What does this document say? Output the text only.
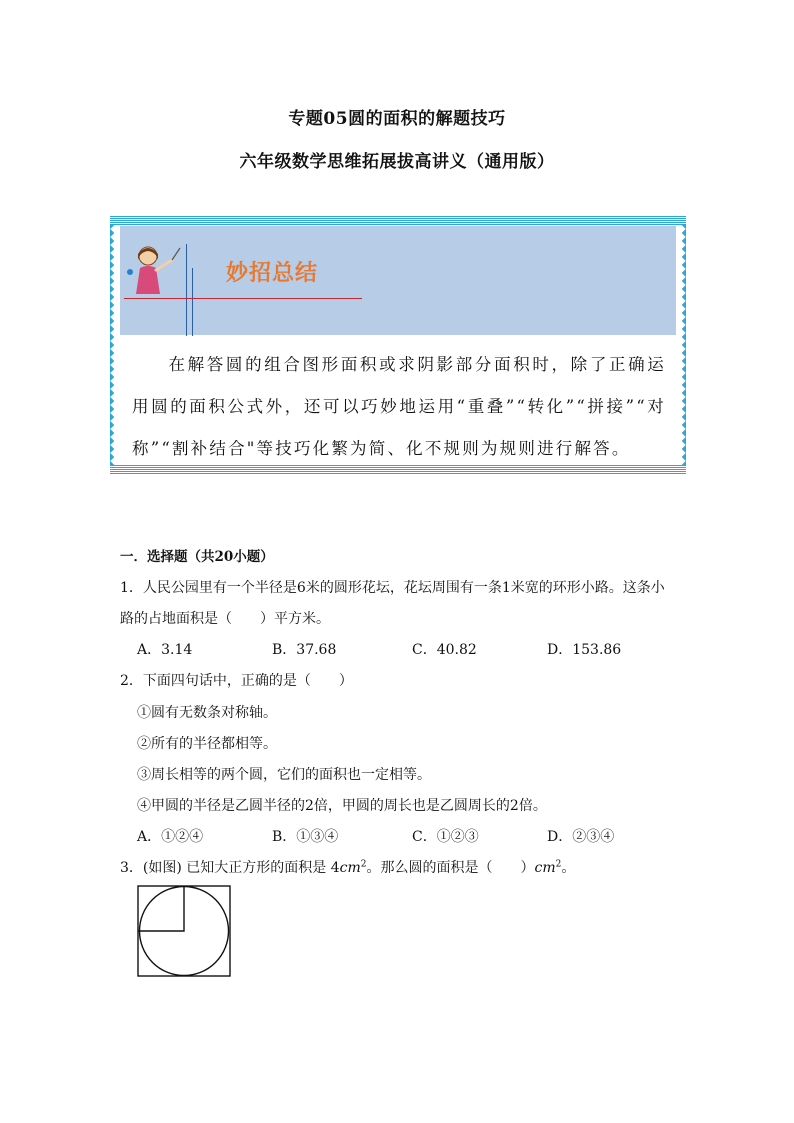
专题05圆的面积的解题技巧
六年级数学思维拓展拔高讲义（通用版）
妙招总结
在解答圆的组合图形面积或求阴影部分面积时，除了正确运用圆的面积公式外，还可以巧妙地运用“重叠”“转化”“拼接”“对称”“割补结合"等技巧化繁为简、化不规则为规则进行解答。
一．选择题（共20小题）
1．人民公园里有一个半径是6米的圆形花坛，花坛周围有一条1米宽的环形小路。这条小
路的占地面积是（　　）平方米。
A．3.14	B．37.68	C．40.82	D．153.86
2．下面四句话中，正确的是（　　）
①圆有无数条对称轴。
②所有的半径都相等。
③周长相等的两个圆，它们的面积也一定相等。
④甲圆的半径是乙圆半径的2倍，甲圆的周长也是乙圆周长的2倍。
A．①②④	B．①③④	C．①②③	D．②③④
3．(如图) 已知大正方形的面积是 $4cm^2$。那么圆的面积是（　　）$cm^2$。
